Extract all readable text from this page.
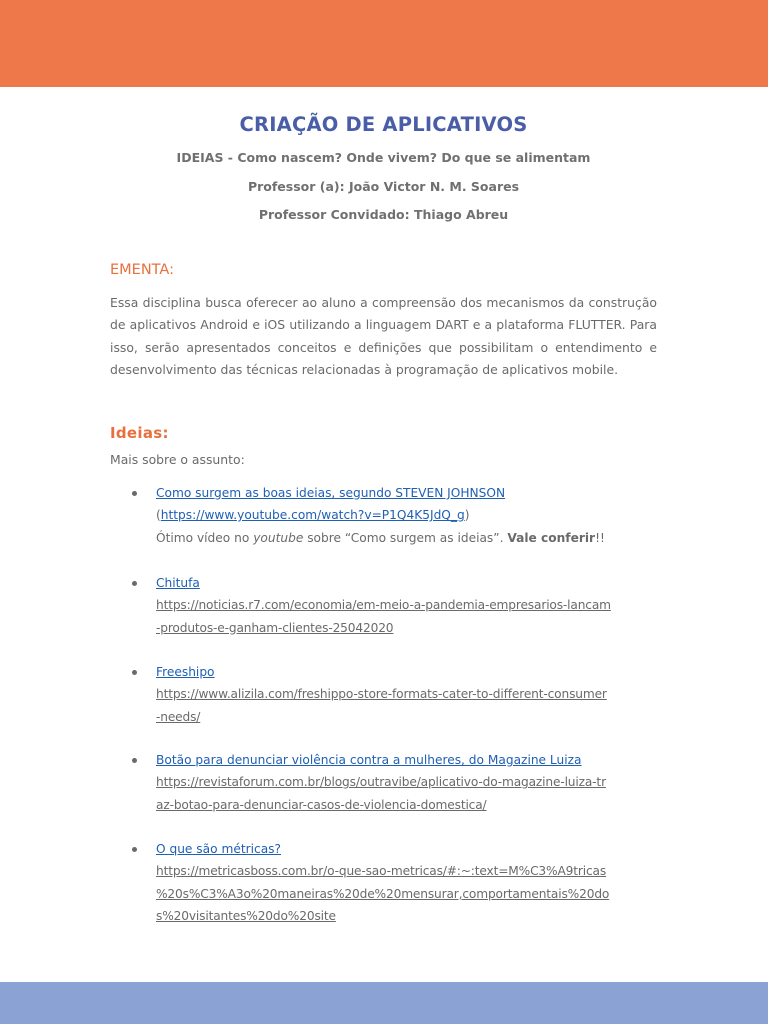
CRIAÇÃO DE APLICATIVOS
IDEIAS - Como nascem? Onde vivem? Do que se alimentam
Professor (a): João Victor N. M. Soares
Professor Convidado: Thiago Abreu
EMENTA:
Essa disciplina busca oferecer ao aluno a compreensão dos mecanismos da construção de aplicativos Android e iOS utilizando a linguagem DART e a plataforma FLUTTER. Para isso, serão apresentados conceitos e definições que possibilitam o entendimento e desenvolvimento das técnicas relacionadas à programação de aplicativos mobile.
Ideias:
Mais sobre o assunto:
Como surgem as boas ideias, segundo STEVEN JOHNSON
(https://www.youtube.com/watch?v=P1Q4K5JdQ_g)
Ótimo vídeo no youtube sobre “Como surgem as ideias”. Vale conferir!!
Chitufa

https://noticias.r7.com/economia/em-meio-a-pandemia-empresarios-lancam
-produtos-e-ganham-clientes-25042020
Freeshipo

https://www.alizila.com/freshippo-store-formats-cater-to-different-consumer
-needs/
Botão para denunciar violência contra a mulheres, do Magazine Luiza

https://revistaforum.com.br/blogs/outravibe/aplicativo-do-magazine-luiza-tr
az-botao-para-denunciar-casos-de-violencia-domestica/
O que são métricas?

https://metricasboss.com.br/o-que-sao-metricas/#:~:text=M%C3%A9tricas
%20s%C3%A3o%20maneiras%20de%20mensurar,comportamentais%20do
s%20visitantes%20do%20site
